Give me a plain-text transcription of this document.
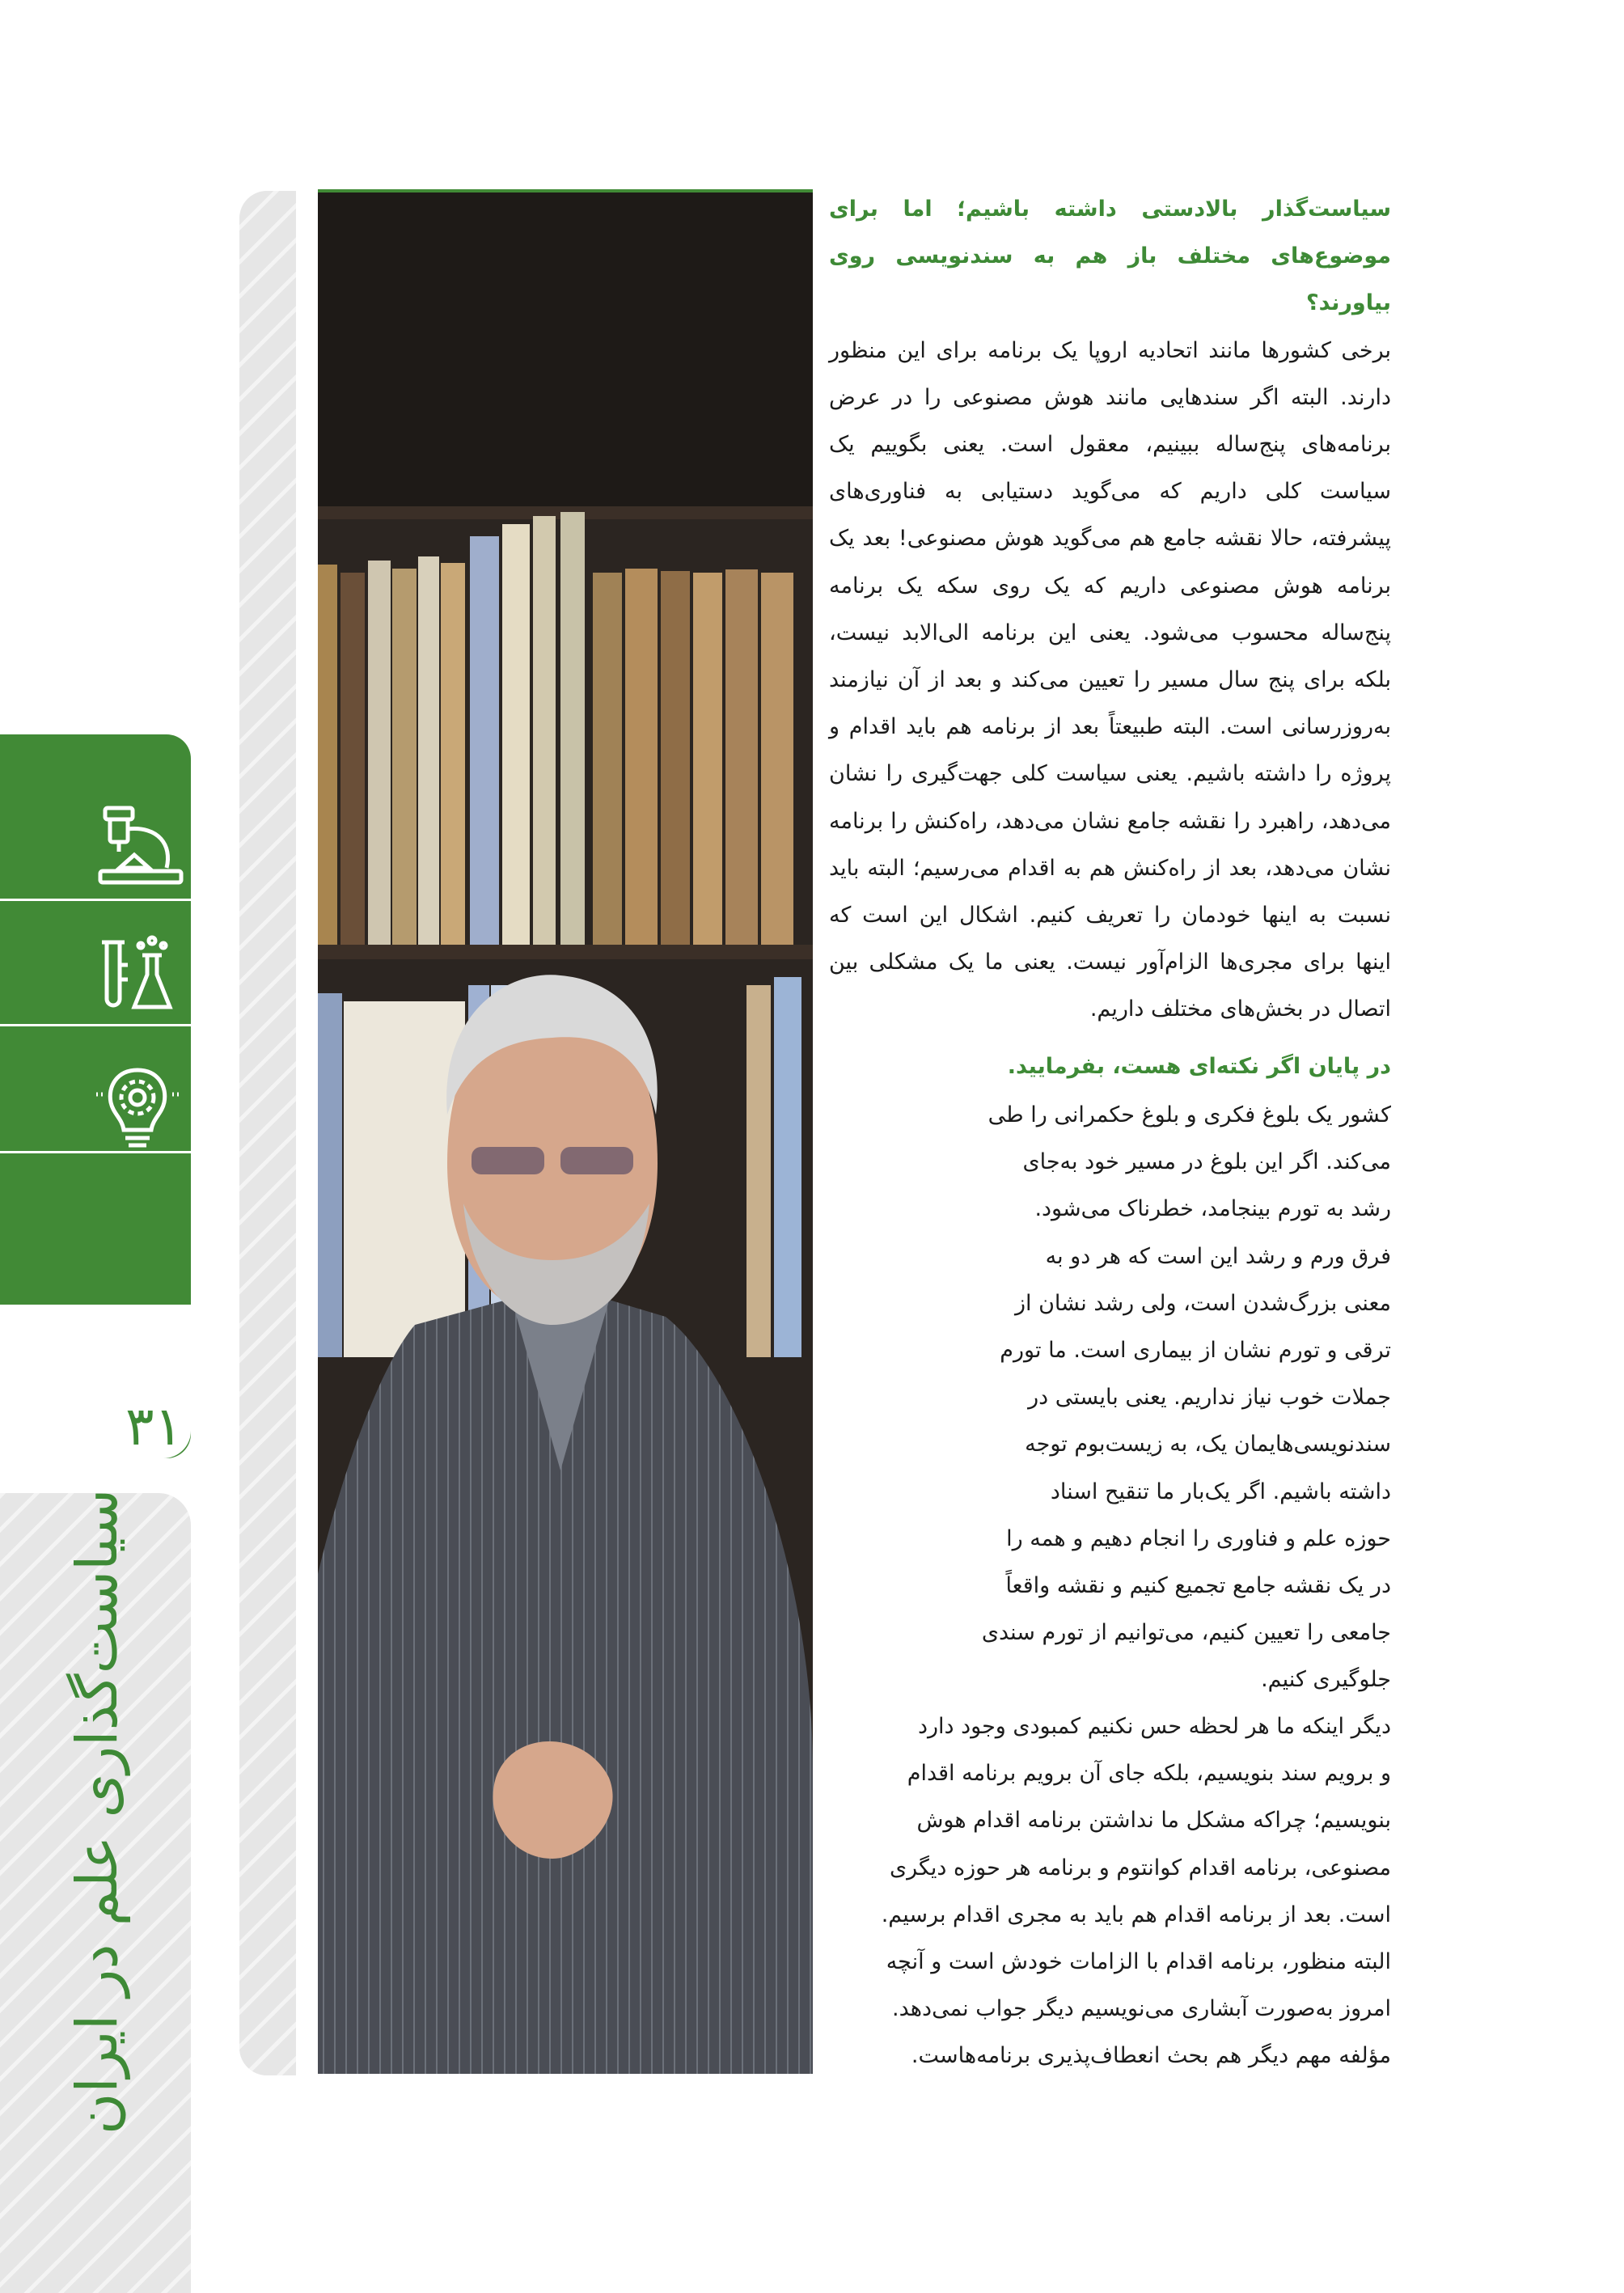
سیاست‌گذاری علم در ایران
۳۱

سیاست‌گذار بالادستی داشته باشیم؛ اما برای موضوع‌های مختلف باز هم به سندنویسی روی بیاورند؟

برخی کشورها مانند اتحادیه اروپا یک برنامه برای این منظور دارند. البته اگر سندهایی مانند هوش مصنوعی را در عرض برنامه‌های پنج‌ساله ببینیم، معقول است. یعنی بگوییم یک سیاست کلی داریم که می‌گوید دستیابی به فناوری‌های پیشرفته، حالا نقشه جامع هم می‌گوید هوش مصنوعی! بعد یک برنامه هوش مصنوعی داریم که یک روی سکه یک برنامه پنج‌ساله محسوب می‌شود. یعنی این برنامه الی‌الابد نیست، بلکه برای پنج سال مسیر را تعیین می‌کند و بعد از آن نیازمند به‌روزرسانی است. البته طبیعتاً بعد از برنامه هم باید اقدام و پروژه را داشته باشیم. یعنی سیاست کلی جهت‌گیری را نشان می‌دهد، راهبرد را نقشه جامع نشان می‌دهد، راه‌کنش را برنامه نشان می‌دهد، بعد از راه‌کنش هم به اقدام می‌رسیم؛ البته باید نسبت به اینها خودمان را تعریف کنیم. اشکال این است که اینها برای مجری‌ها الزام‌آور نیست. یعنی ما یک مشکلی بین اتصال در بخش‌های مختلف داریم.

در پایان اگر نکته‌ای هست، بفرمایید.

کشور یک بلوغ فکری و بلوغ حکمرانی را طی
می‌کند. اگر این بلوغ در مسیر خود به‌جای
رشد به تورم بینجامد، خطرناک می‌شود.
فرق ورم و رشد این است که هر دو به
معنی بزرگ‌شدن است، ولی رشد نشان از
ترقی و تورم نشان از بیماری است. ما تورم
جملات خوب نیاز نداریم. یعنی بایستی در
سندنویسی‌هایمان یک، به زیست‌بوم توجه
داشته باشیم. اگر یک‌بار ما تنقیح اسناد
حوزه علم و فناوری را انجام دهیم و همه را
در یک نقشه جامع تجمیع کنیم و نقشه واقعاً
جامعی را تعیین کنیم، می‌توانیم از تورم سندی
جلوگیری کنیم.
دیگر اینکه ما هر لحظه حس نکنیم کمبودی وجود دارد
و برویم سند بنویسیم، بلکه جای آن برویم برنامه اقدام
بنویسیم؛ چراکه مشکل ما نداشتن برنامه اقدام هوش
مصنوعی، برنامه اقدام کوانتوم و برنامه هر حوزه دیگری
است. بعد از برنامه اقدام هم باید به مجری اقدام برسیم.
البته منظور، برنامه اقدام با الزامات خودش است و آنچه
امروز به‌صورت آبشاری می‌نویسیم دیگر جواب نمی‌دهد.
مؤلفه مهم دیگر هم بحث انعطاف‌پذیری برنامه‌هاست.
